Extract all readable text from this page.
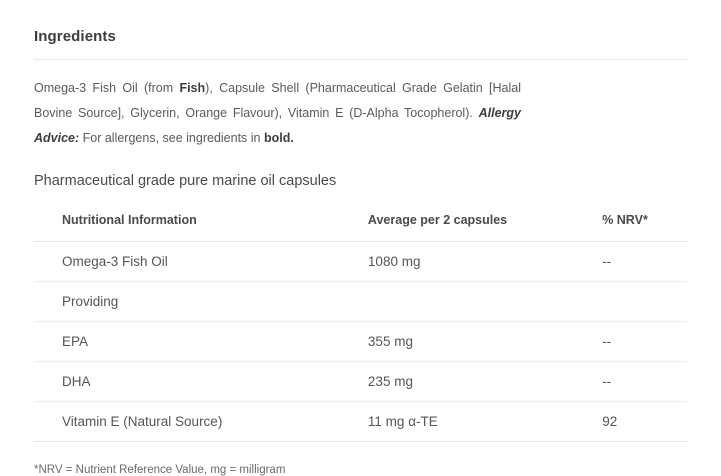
Ingredients

Omega-3 Fish Oil (from Fish), Capsule Shell (Pharmaceutical Grade Gelatin [Halal Bovine Source], Glycerin, Orange Flavour), Vitamin E (D-Alpha Tocopherol). Allergy Advice: For allergens, see ingredients in bold.

Pharmaceutical grade pure marine oil capsules
Nutritional Information	Average per 2 capsules	% NRV*
Omega-3 Fish Oil	1080 mg	--
Providing		
EPA	355 mg	--
DHA	235 mg	--
Vitamin E (Natural Source)	11 mg α-TE	92
*NRV = Nutrient Reference Value, mg = milligram
